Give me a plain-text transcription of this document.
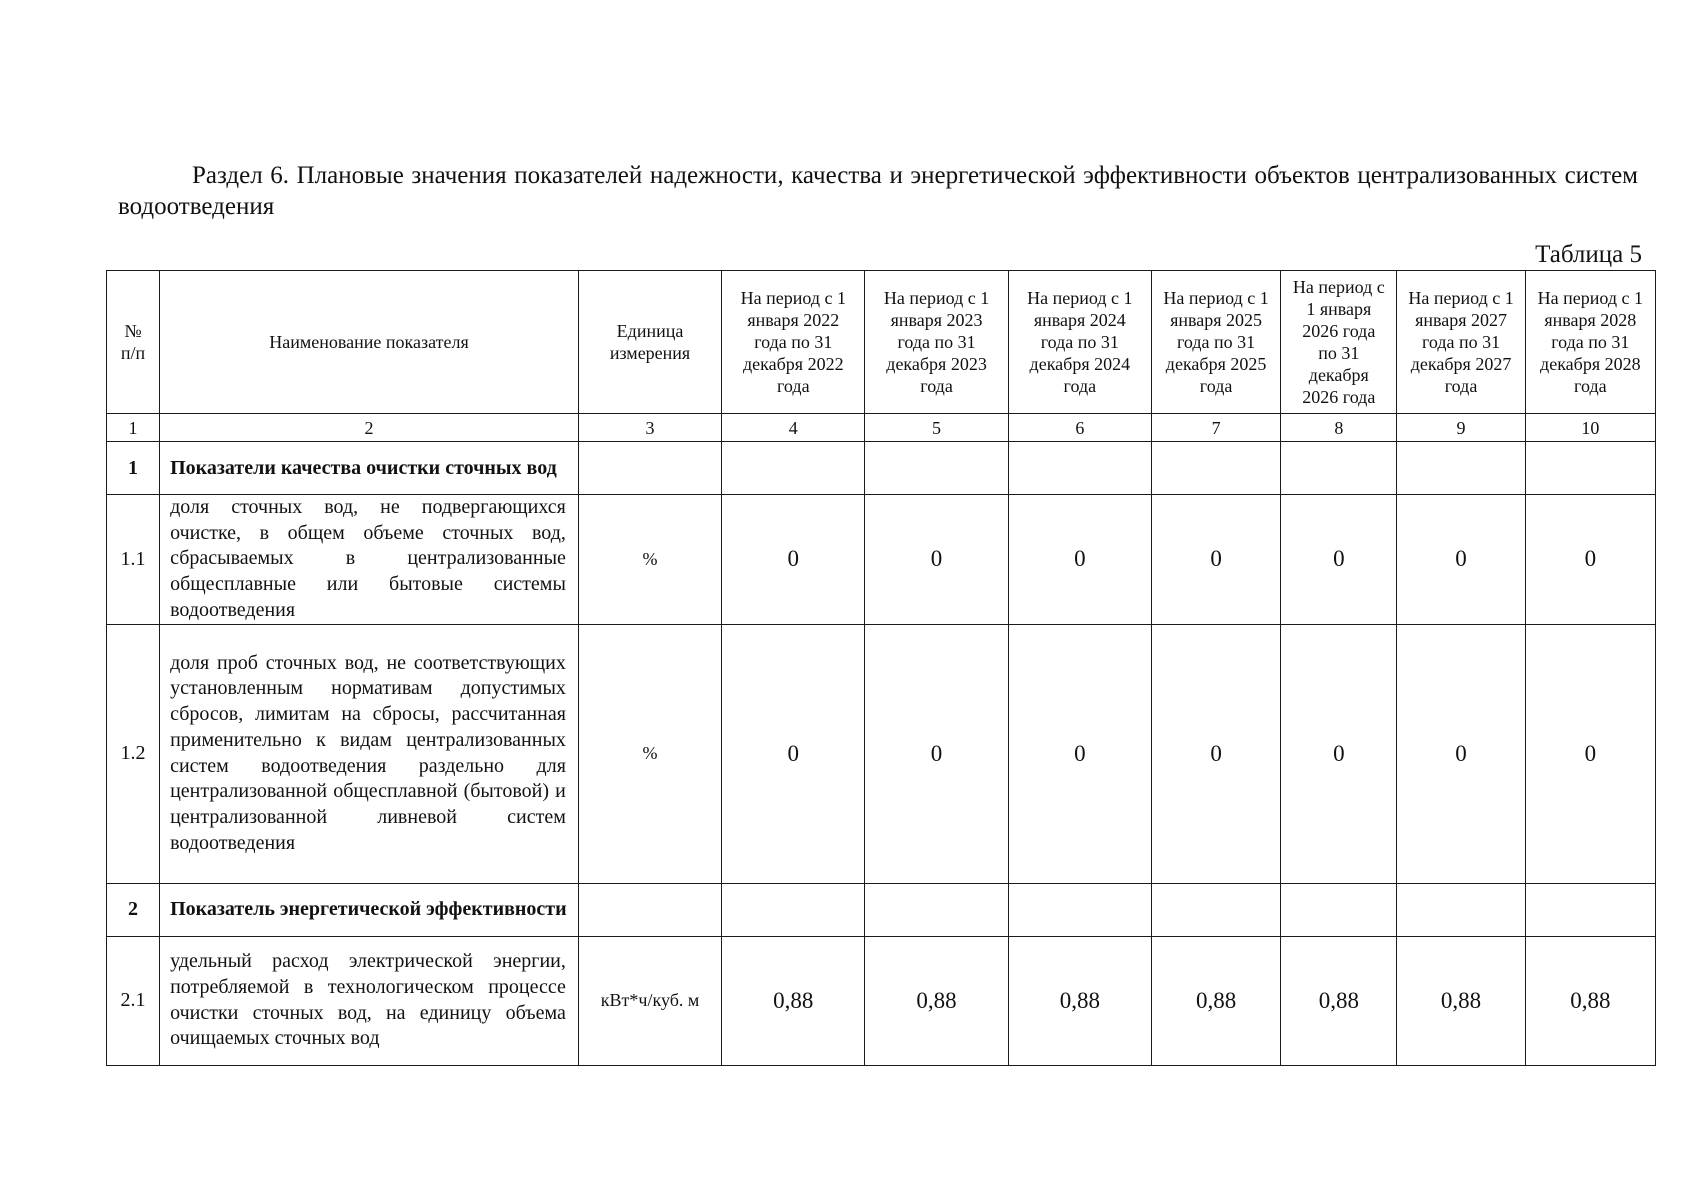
Раздел 6. Плановые значения показателей надежности, качества и энергетической эффективности объектов централизованных систем водоотведения
Таблица 5
№ п/п	Наименование показателя	Единица измерения	На период с 1 января 2022 года по 31 декабря 2022 года	На период с 1 января 2023 года по 31 декабря 2023 года	На период с 1 января 2024 года по 31 декабря 2024 года	На период с 1 января 2025 года по 31 декабря 2025 года	На период с 1 января 2026 года по 31 декабря 2026 года	На период с 1 января 2027 года по 31 декабря 2027 года	На период с 1 января 2028 года по 31 декабря 2028 года
1	2	3	4	5	6	7	8	9	10
1	Показатели качества очистки сточных вод								
1.1	доля сточных вод, не подвергающихся очистке, в общем объеме сточных вод, сбрасываемых в централизованные общесплавные или бытовые системы водоотведения	%	0	0	0	0	0	0	0
1.2	доля проб сточных вод, не соответствующих установленным нормативам допустимых сбросов, лимитам на сбросы, рассчитанная применительно к видам централизованных систем водоотведения раздельно для централизованной общесплавной (бытовой) и централизованной ливневой систем водоотведения	%	0	0	0	0	0	0	0
2	Показатель энергетической эффективности								
2.1	удельный расход электрической энергии, потребляемой в технологическом процессе очистки сточных вод, на единицу объема очищаемых сточных вод	кВт*ч/куб. м	0,88	0,88	0,88	0,88	0,88	0,88	0,88
